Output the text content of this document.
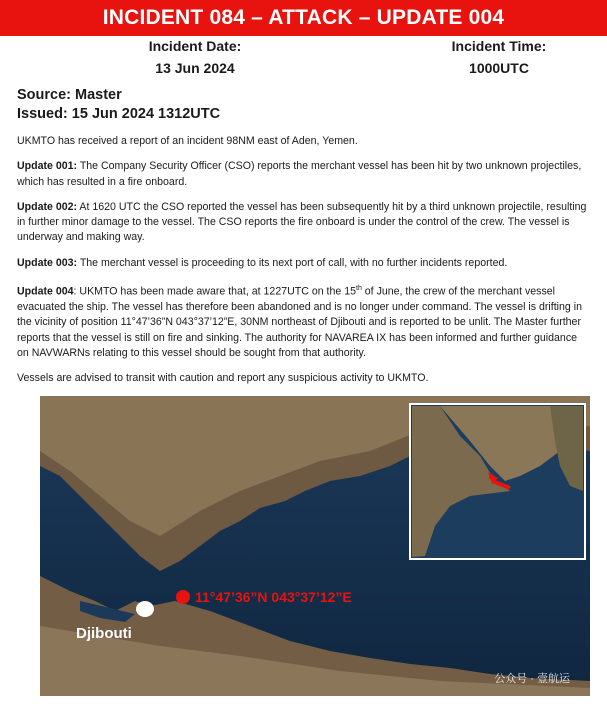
INCIDENT 084 – ATTACK – UPDATE 004
Incident Date:
13 Jun 2024
Incident Time:
1000UTC
Source: Master
Issued: 15 Jun 2024 1312UTC

UKMTO has received a report of an incident 98NM east of Aden, Yemen.

Update 001: The Company Security Officer (CSO) reports the merchant vessel has been hit by two unknown projectiles, which has resulted in a fire onboard.

Update 002: At 1620 UTC the CSO reported the vessel has been subsequently hit by a third unknown projectile, resulting in further minor damage to the vessel. The CSO reports the fire onboard is under the control of the crew. The vessel is underway and making way.

Update 003: The merchant vessel is proceeding to its next port of call, with no further incidents reported.

Update 004: UKMTO has been made aware that, at 1227UTC on the 15th of June, the crew of the merchant vessel evacuated the ship. The vessel has therefore been abandoned and is no longer under command. The vessel is drifting in the vicinity of position 11°47’36”N 043°37’12”E, 30NM northeast of Djibouti and is reported to be unlit. The Master further reports that the vessel is still on fire and sinking. The authority for NAVAREA IX has been informed and further guidance on NAVWARNs relating to this vessel should be sought from that authority.

Vessels are advised to transit with caution and report any suspicious activity to UKMTO.

Djibouti
11°47’36”N 043°37’12”E
公众号 · 壹航运
